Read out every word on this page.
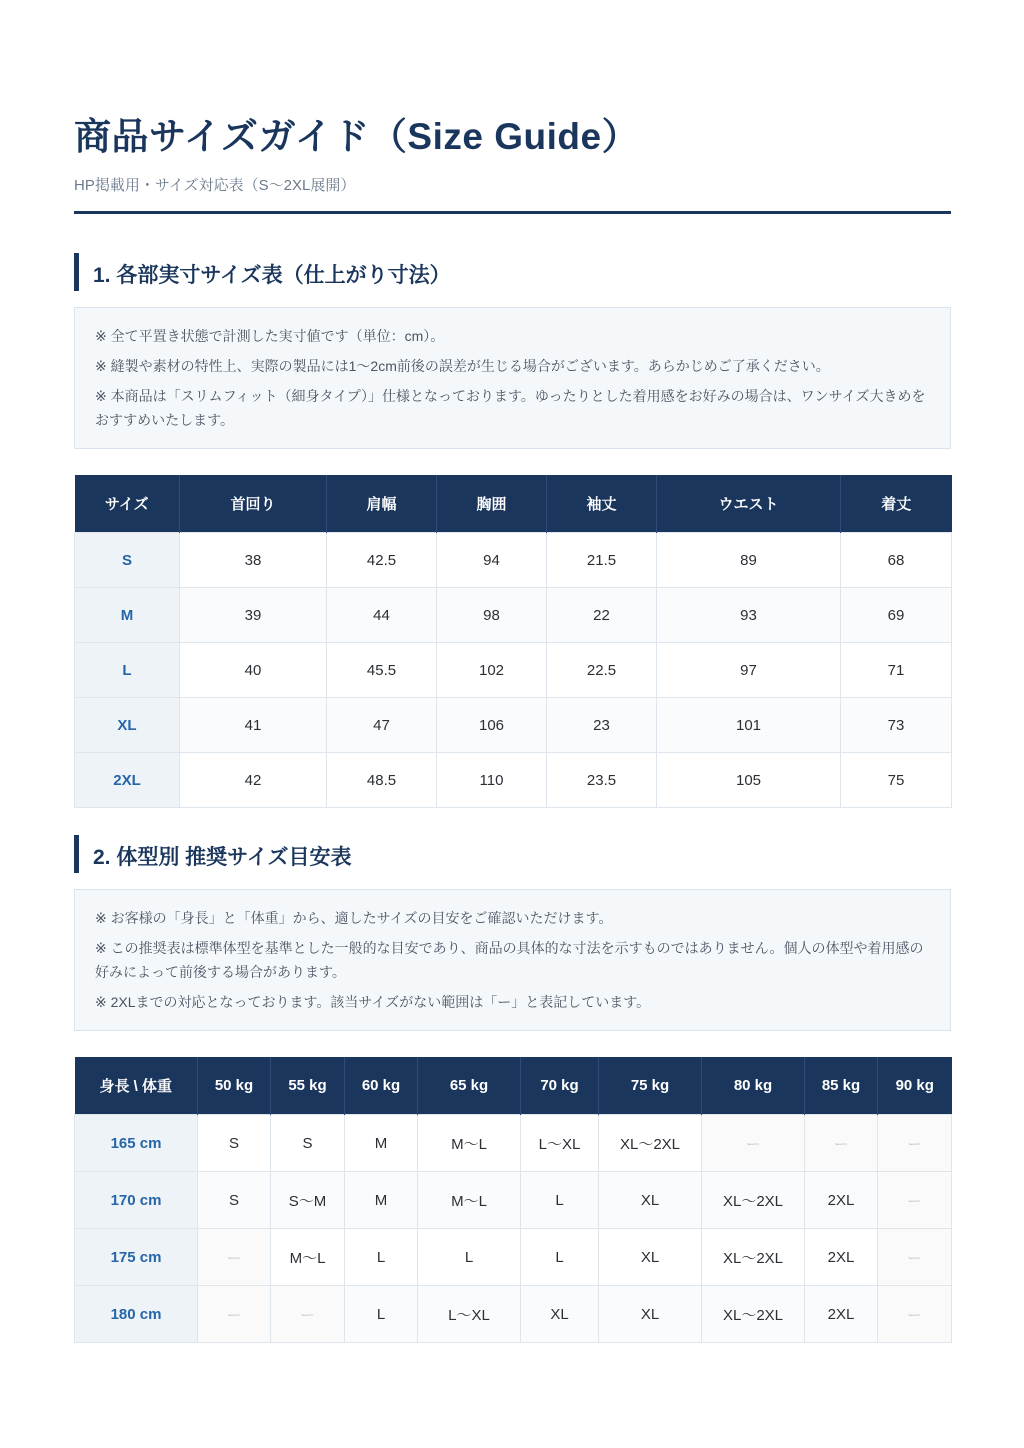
商品サイズガイド（Size Guide）
HP掲載用・サイズ対応表（S〜2XL展開）
1. 各部実寸サイズ表（仕上がり寸法）

※ 全て平置き状態で計測した実寸値です（単位：cm）。

※ 縫製や素材の特性上、実際の製品には1〜2cm前後の誤差が生じる場合がございます。あらかじめご了承ください。

※ 本商品は「スリムフィット（細身タイプ）」仕様となっております。ゆったりとした着用感をお好みの場合は、ワンサイズ大きめをおすすめいたします。

サイズ	首回り	肩幅	胸囲	袖丈	ウエスト	着丈
S	38	42.5	94	21.5	89	68
M	39	44	98	22	93	69
L	40	45.5	102	22.5	97	71
XL	41	47	106	23	101	73
2XL	42	48.5	110	23.5	105	75
2. 体型別 推奨サイズ目安表

※ お客様の「身長」と「体重」から、適したサイズの目安をご確認いただけます。

※ この推奨表は標準体型を基準とした一般的な目安であり、商品の具体的な寸法を示すものではありません。個人の体型や着用感の好みによって前後する場合があります。

※ 2XLまでの対応となっております。該当サイズがない範囲は「ー」と表記しています。

身長 \ 体重	50 kg	55 kg	60 kg	65 kg	70 kg	75 kg	80 kg	85 kg	90 kg
165 cm	S	S	M	M〜L	L〜XL	XL〜2XL	ー	ー	ー
170 cm	S	S〜M	M	M〜L	L	XL	XL〜2XL	2XL	ー
175 cm	ー	M〜L	L	L	L	XL	XL〜2XL	2XL	ー
180 cm	ー	ー	L	L〜XL	XL	XL	XL〜2XL	2XL	ー
